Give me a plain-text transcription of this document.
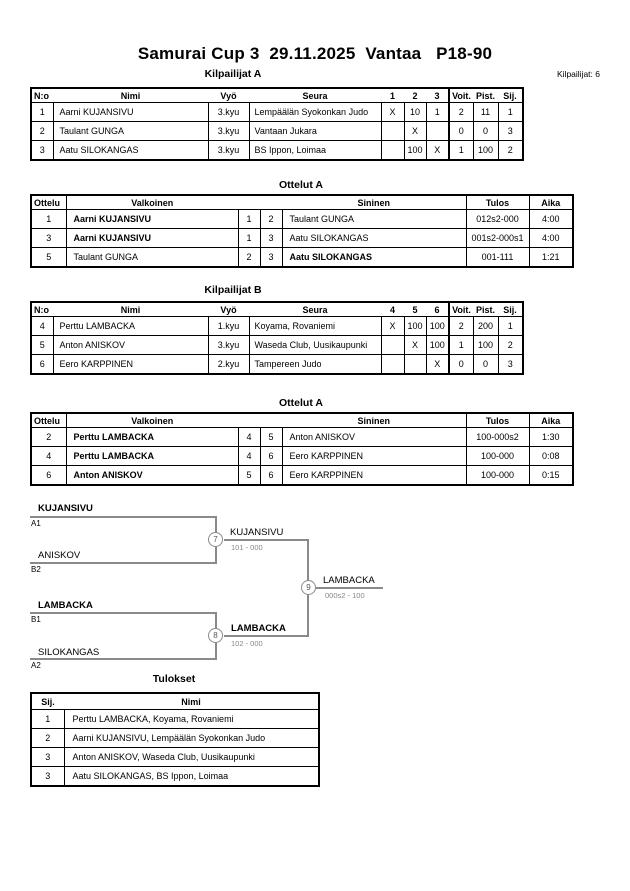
Samurai Cup 3  29.11.2025  Vantaa   P18-90
Kilpailijat A	Kilpailijat: 6
N:o	Nimi	Vyö	Seura	1	2	3	Voit.	Pist.	Sij.
1	Aarni KUJANSIVU	3.kyu	Lempäälän Syokonkan Judo	X	10	1	2	11	1
2	Taulant GUNGA	3.kyu	Vantaan Jukara		X		0	0	3
3	Aatu SILOKANGAS	3.kyu	BS Ippon, Loimaa		100	X	1	100	2
Ottelut A
Ottelu	Valkoinen			Sininen	Tulos	Aika
1	Aarni KUJANSIVU	1	2	Taulant GUNGA	012s2-000	4:00
3	Aarni KUJANSIVU	1	3	Aatu SILOKANGAS	001s2-000s1	4:00
5	Taulant GUNGA	2	3	Aatu SILOKANGAS	001-111	1:21
Kilpailijat B
N:o	Nimi	Vyö	Seura	4	5	6	Voit.	Pist.	Sij.
4	Perttu LAMBACKA	1.kyu	Koyama, Rovaniemi	X	100	100	2	200	1
5	Anton ANISKOV	3.kyu	Waseda Club, Uusikaupunki		X	100	1	100	2
6	Eero KARPPINEN	2.kyu	Tampereen Judo			X	0	0	3
Ottelut A
Ottelu	Valkoinen			Sininen	Tulos	Aika
2	Perttu LAMBACKA	4	5	Anton ANISKOV	100-000s2	1:30
4	Perttu LAMBACKA	4	6	Eero KARPPINEN	100-000	0:08
6	Anton ANISKOV	5	6	Eero KARPPINEN	100-000	0:15
KUJANSIVU
A1
ANISKOV
B2
7
KUJANSIVU
101 - 000
LAMBACKA
B1
SILOKANGAS
A2
8
LAMBACKA
102 - 000
9
LAMBACKA
000s2 - 100
Tulokset
Sij.	Nimi
1	Perttu LAMBACKA, Koyama, Rovaniemi
2	Aarni KUJANSIVU, Lempäälän Syokonkan Judo
3	Anton ANISKOV, Waseda Club, Uusikaupunki
3	Aatu SILOKANGAS, BS Ippon, Loimaa
